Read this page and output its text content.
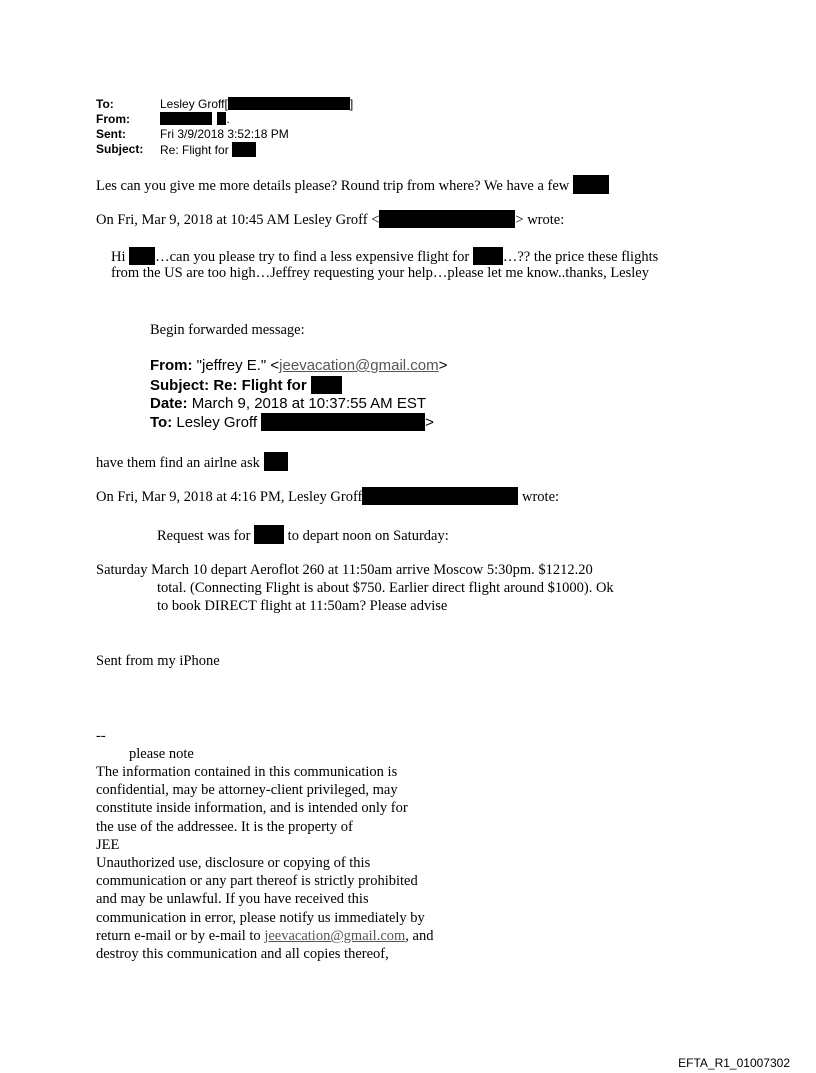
To:	Lesley Groff[	]
From:	.
Sent:	Fri 3/9/2018 3:52:18 PM
Subject: Re: Flight for
Les can you give me more details please? Round trip from where? We have a few
On Fri, Mar 9, 2018 at 10:45 AM Lesley Groff <	> wrote:
Hi …can you please try to find a less expensive flight for …?? the price these flights
from the US are too high…Jeffrey requesting your help…please let me know..thanks, Lesley
Begin forwarded message:
From: "jeffrey E." <jeevacation@gmail.com>
Subject: Re: Flight for
Date: March 9, 2018 at 10:37:55 AM EST
To: Lesley Groff	>
have them find an airlne ask
On Fri, Mar 9, 2018 at 4:16 PM, Lesley Groff	wrote:
Request was for	to depart noon on Saturday:
Saturday March 10 depart Aeroflot 260 at 11:50am arrive Moscow 5:30pm. $1212.20
total. (Connecting Flight is about $750. Earlier direct flight around $1000). Ok
to book DIRECT flight at 11:50am? Please advise
Sent from my iPhone
--
please note
The information contained in this communication is
confidential, may be attorney-client privileged, may
constitute inside information, and is intended only for
the use of the addressee. It is the property of
JEE
Unauthorized use, disclosure or copying of this
communication or any part thereof is strictly prohibited
and may be unlawful. If you have received this
communication in error, please notify us immediately by
return e-mail or by e-mail to jeevacation@gmail.com, and
destroy this communication and all copies thereof,
EFTA_R1_01007302
